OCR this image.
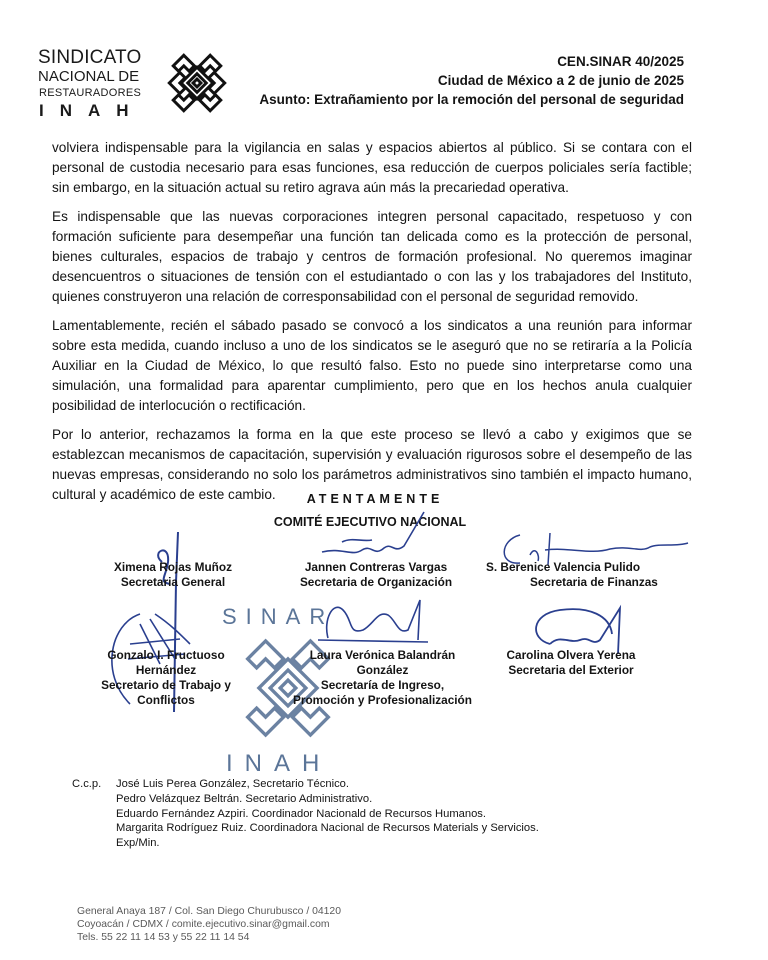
SINDICATO
NACIONAL DE
RESTAURADORES
INAH
CEN.SINAR 40/2025
Ciudad de México a 2 de junio de 2025
Asunto: Extrañamiento por la remoción del personal de seguridad

volviera indispensable para la vigilancia en salas y espacios abiertos al público. Si se contara con el personal de custodia necesario para esas funciones, esa reducción de cuerpos policiales sería factible; sin embargo, en la situación actual su retiro agrava aún más la precariedad operativa.

Es indispensable que las nuevas corporaciones integren personal capacitado, respetuoso y con formación suficiente para desempeñar una función tan delicada como es la protección de personal, bienes culturales, espacios de trabajo y centros de formación profesional. No queremos imaginar desencuentros o situaciones de tensión con el estudiantado o con las y los trabajadores del Instituto, quienes construyeron una relación de corresponsabilidad con el personal de seguridad removido.

Lamentablemente, recién el sábado pasado se convocó a los sindicatos a una reunión para informar sobre esta medida, cuando incluso a uno de los sindicatos se le aseguró que no se retiraría a la Policía Auxiliar en la Ciudad de México, lo que resultó falso. Esto no puede sino interpretarse como una simulación, una formalidad para aparentar cumplimiento, pero que en los hechos anula cualquier posibilidad de interlocución o rectificación.

Por lo anterior, rechazamos la forma en la que este proceso se llevó a cabo y exigimos que se establezcan mecanismos de capacitación, supervisión y evaluación rigurosos sobre el desempeño de las nuevas empresas, considerando no solo los parámetros administrativos sino también el impacto humano, cultural y académico de este cambio.	ATENTAMENTE
COMITÉ EJECUTIVO NACIONAL
SINAR
INAH
Ximena Rojas Muñoz
Secretaria General
Jannen Contreras Vargas
Secretaria de Organización
S. Berenice Valencia Pulido
Secretaria de Finanzas
Gonzalo I. Fructuoso Hernández
Secretario de Trabajo y Conflictos
Laura Verónica Balandrán González
Secretaría de Ingreso, Promoción y Profesionalización
Carolina Olvera Yerena
Secretaria del Exterior
C.c.p. José Luis Perea González, Secretario Técnico.
Pedro Velázquez Beltrán. Secretario Administrativo.
Eduardo Fernández Azpiri. Coordinador Nacionald de Recursos Humanos.
Margarita Rodríguez Ruiz. Coordinadora Nacional de Recursos Materials y Servicios.
Exp/Min.
General Anaya 187 / Col. San Diego Churubusco / 04120
Coyoacán / CDMX / comite.ejecutivo.sinar@gmail.com
Tels. 55 22 11 14 53 y 55 22 11 14 54
